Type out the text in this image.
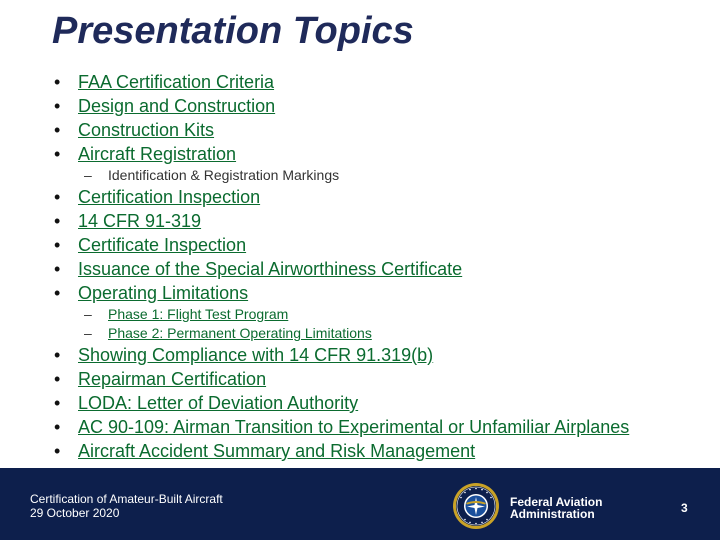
Presentation Topics
• FAA Certification Criteria
• Design and Construction
• Construction Kits
• Aircraft Registration
– Identification & Registration Markings
• Certification Inspection
• 14 CFR 91-319
• Certificate Inspection
• Issuance of the Special Airworthiness Certificate
• Operating Limitations
– Phase 1: Flight Test Program
– Phase 2: Permanent Operating Limitations
• Showing Compliance with 14 CFR 91.319(b)
• Repairman Certification
• LODA: Letter of Deviation Authority
• AC 90-109: Airman Transition to Experimental or Unfamiliar Airplanes
• Aircraft Accident Summary and Risk Management
Certification of Amateur-Built Aircraft
29 October 2020
Federal Aviation
Administration	3
